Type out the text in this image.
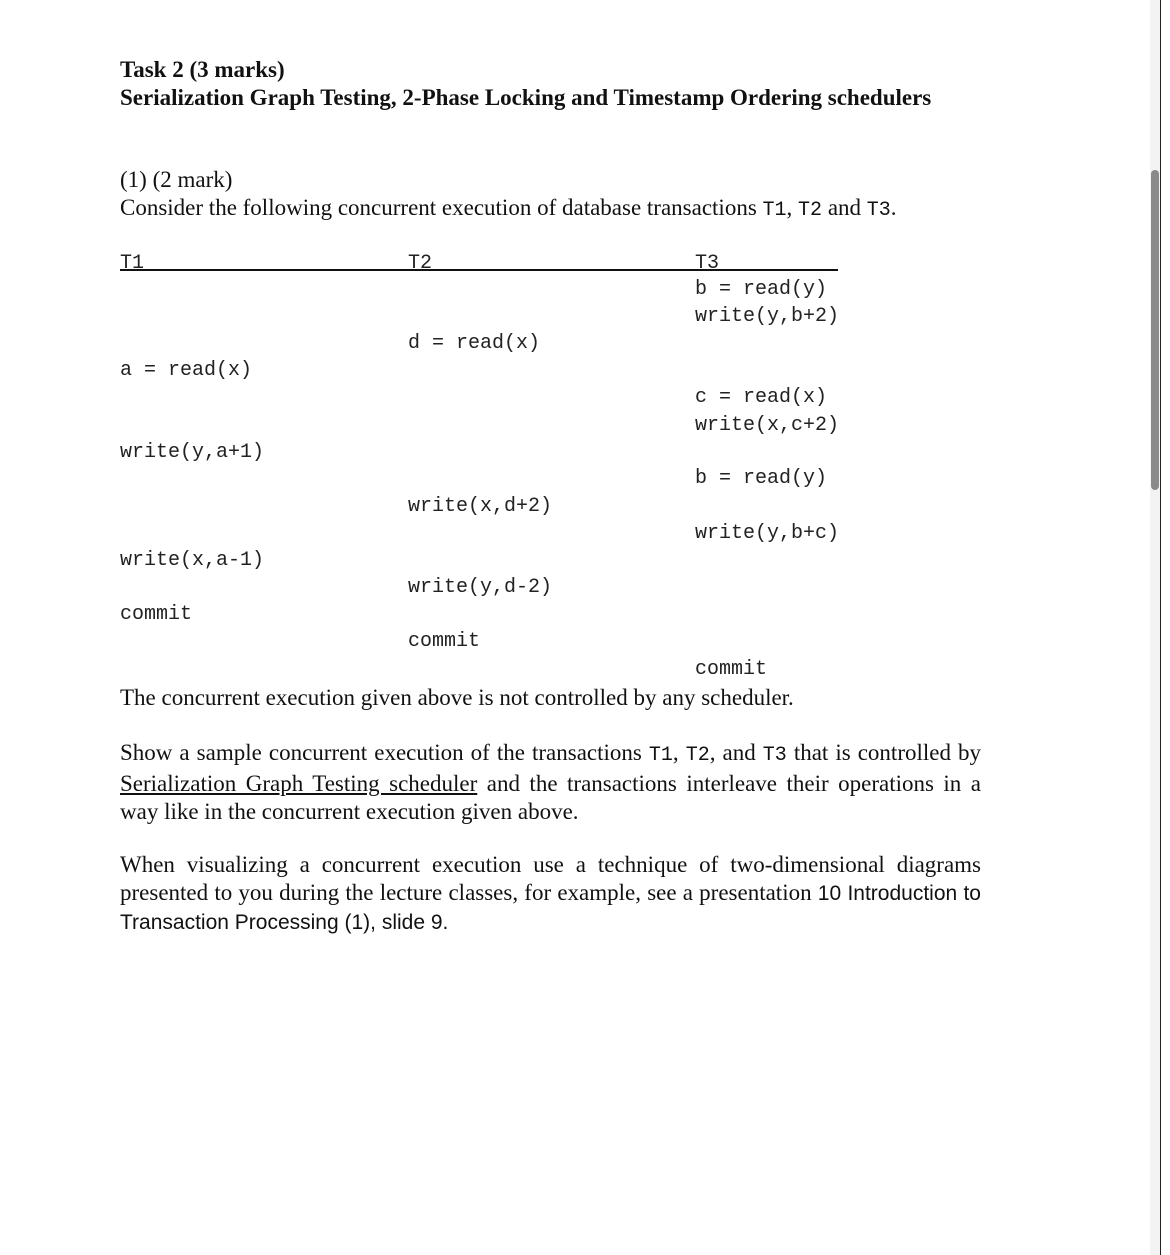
Task 2 (3 marks)
Serialization Graph Testing, 2-Phase Locking and Timestamp Ordering schedulers
(1) (2 mark)
Consider the following concurrent execution of database transactions T1, T2 and T3.
T1	T2	T3
b = read(y)
write(y,b+2)
d = read(x)
a = read(x)
c = read(x)
write(x,c+2)
write(y,a+1)
b = read(y)
write(x,d+2)
write(y,b+c)
write(x,a-1)
write(y,d-2)
commit
commit
commit
The concurrent execution given above is not controlled by any scheduler.
Show a sample concurrent execution of the transactions T1, T2, and T3 that is controlled by Serialization Graph Testing scheduler and the transactions interleave their operations in a way like in the concurrent execution given above.
When visualizing a concurrent execution use a technique of two-dimensional diagrams presented to you during the lecture classes, for example, see a presentation 10 Introduction to Transaction Processing (1), slide 9.
